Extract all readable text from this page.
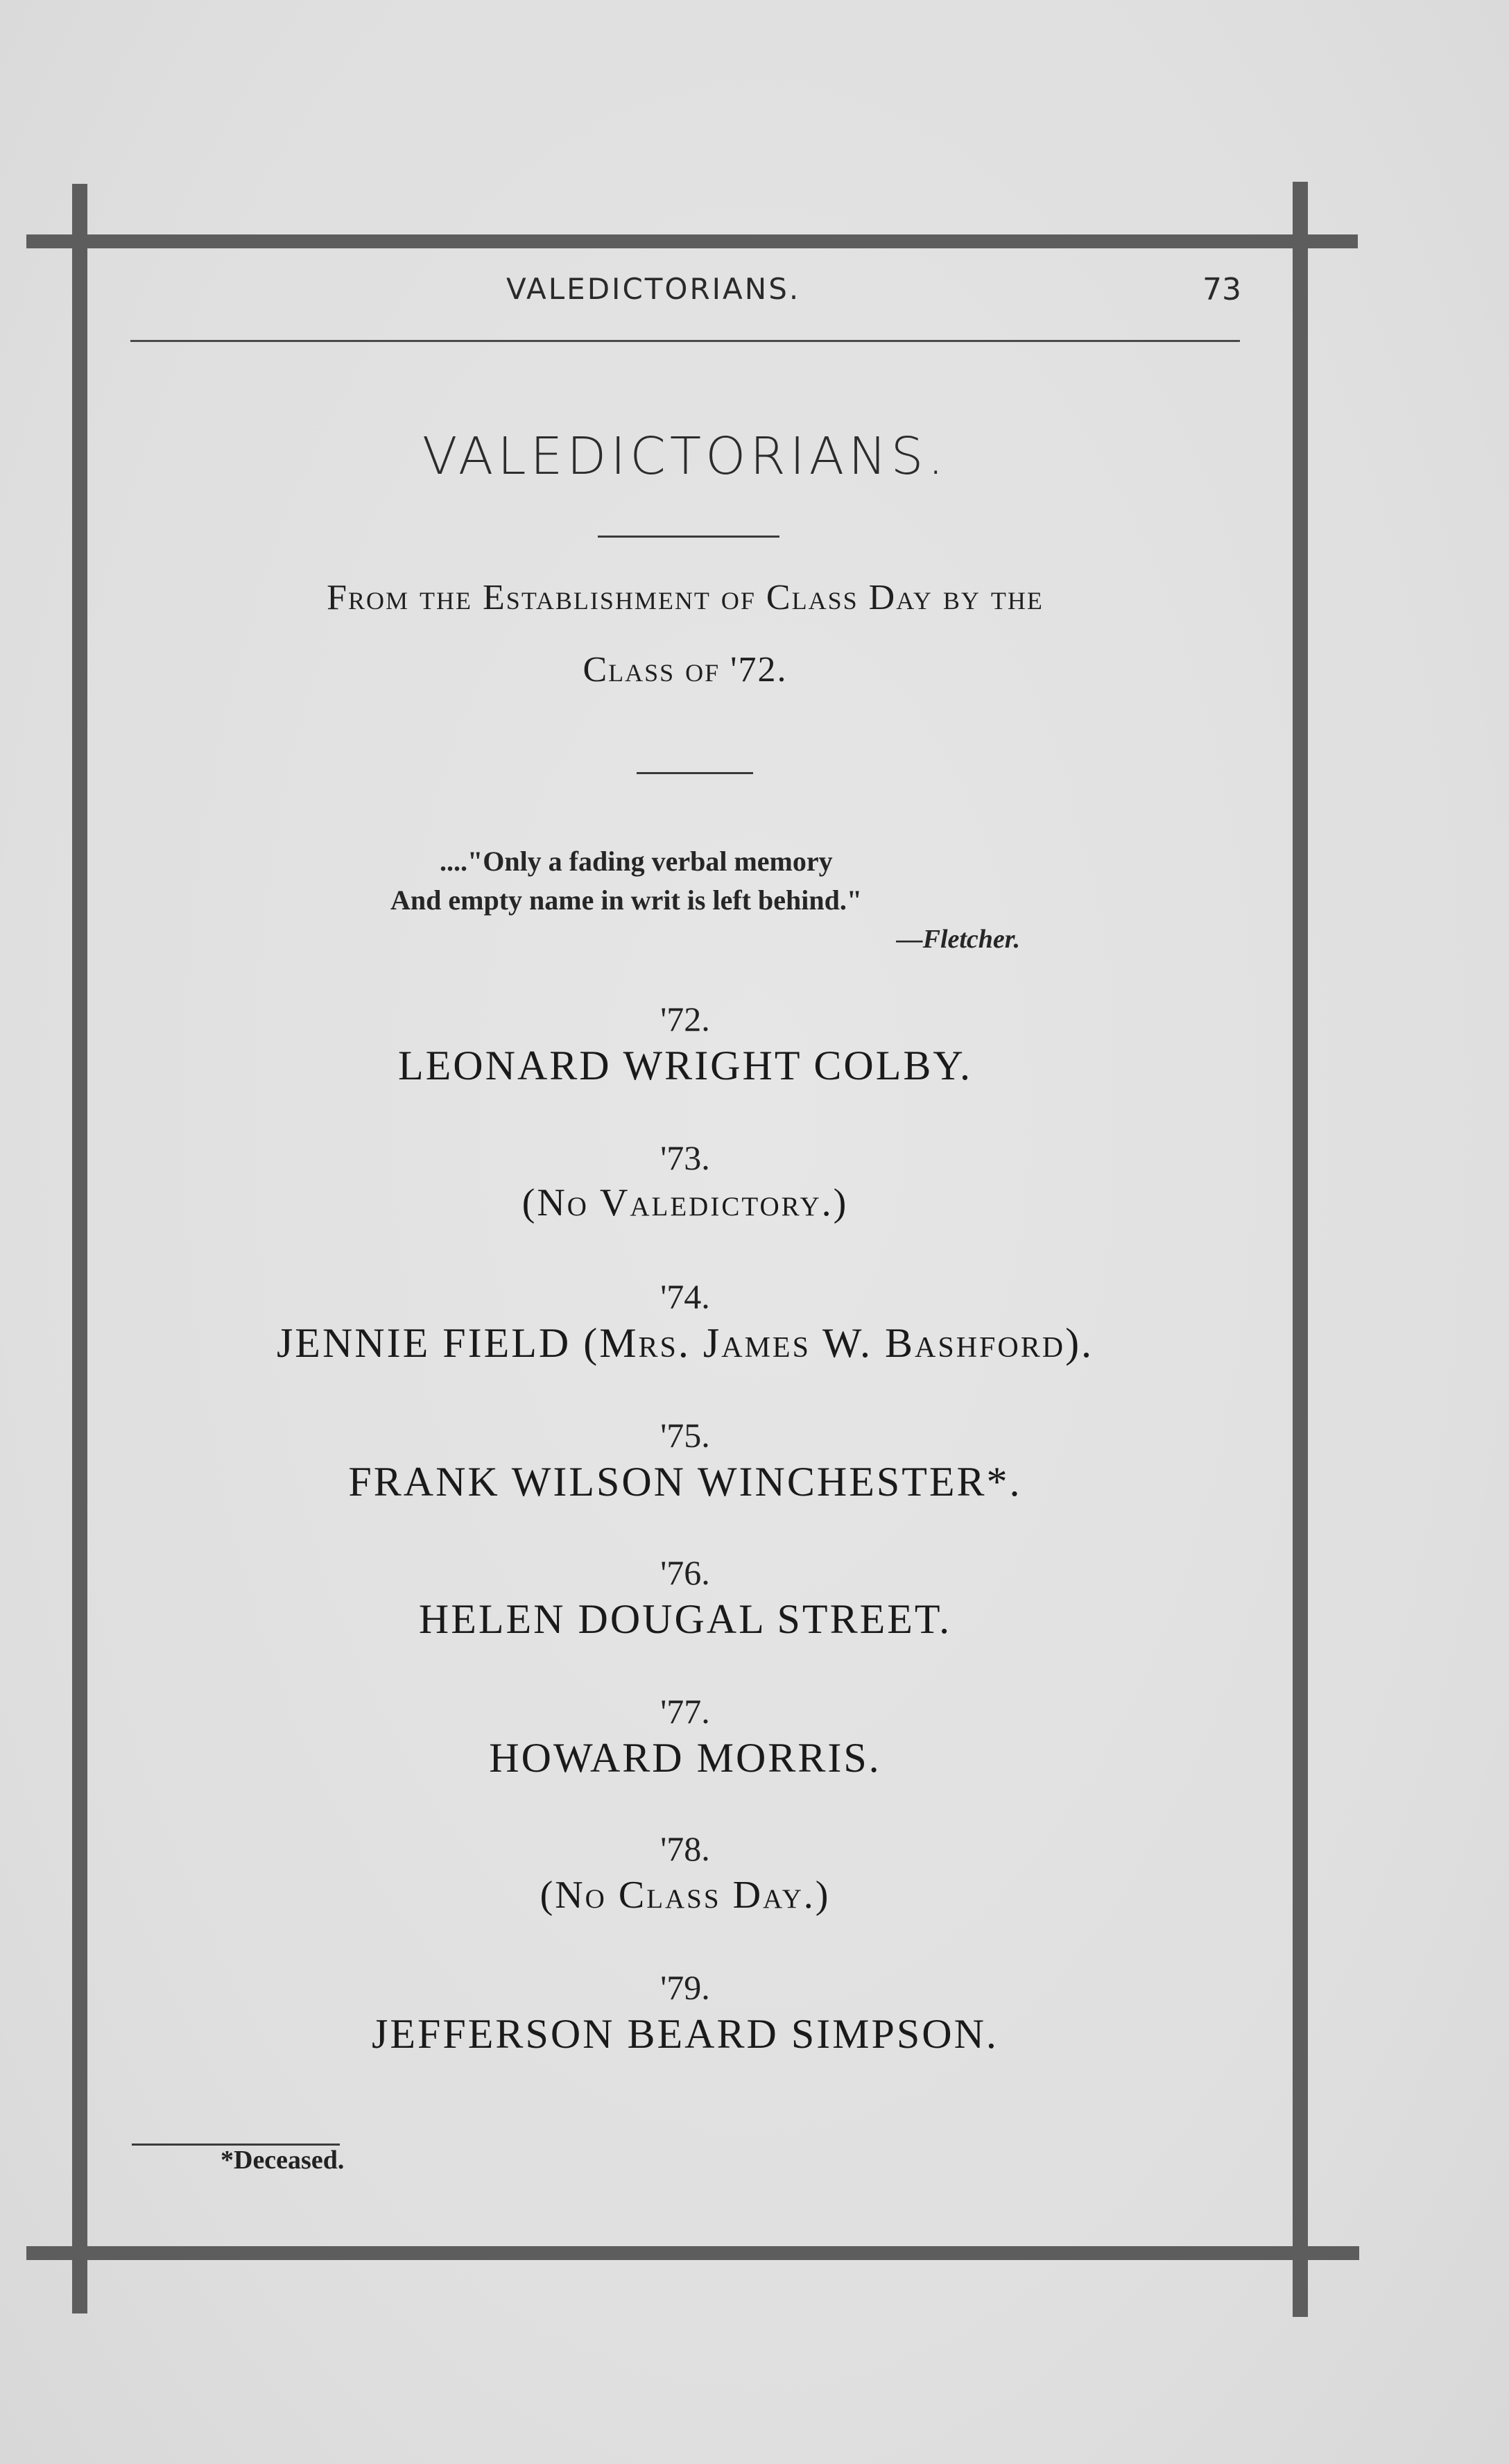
VALEDICTORIANS.	73
VALEDICTORIANS.
From the Establishment of Class Day by the
Class of '72.
...."Only a fading verbal memory
And empty name in writ is left behind."
—Fletcher.
'72.
LEONARD WRIGHT COLBY.
'73.
(No Valedictory.)
'74.
JENNIE FIELD (Mrs. James W. Bashford).
'75.
FRANK WILSON WINCHESTER*.
'76.
HELEN DOUGAL STREET.
'77.
HOWARD MORRIS.
'78.
(No Class Day.)
'79.
JEFFERSON BEARD SIMPSON.
*Deceased.
